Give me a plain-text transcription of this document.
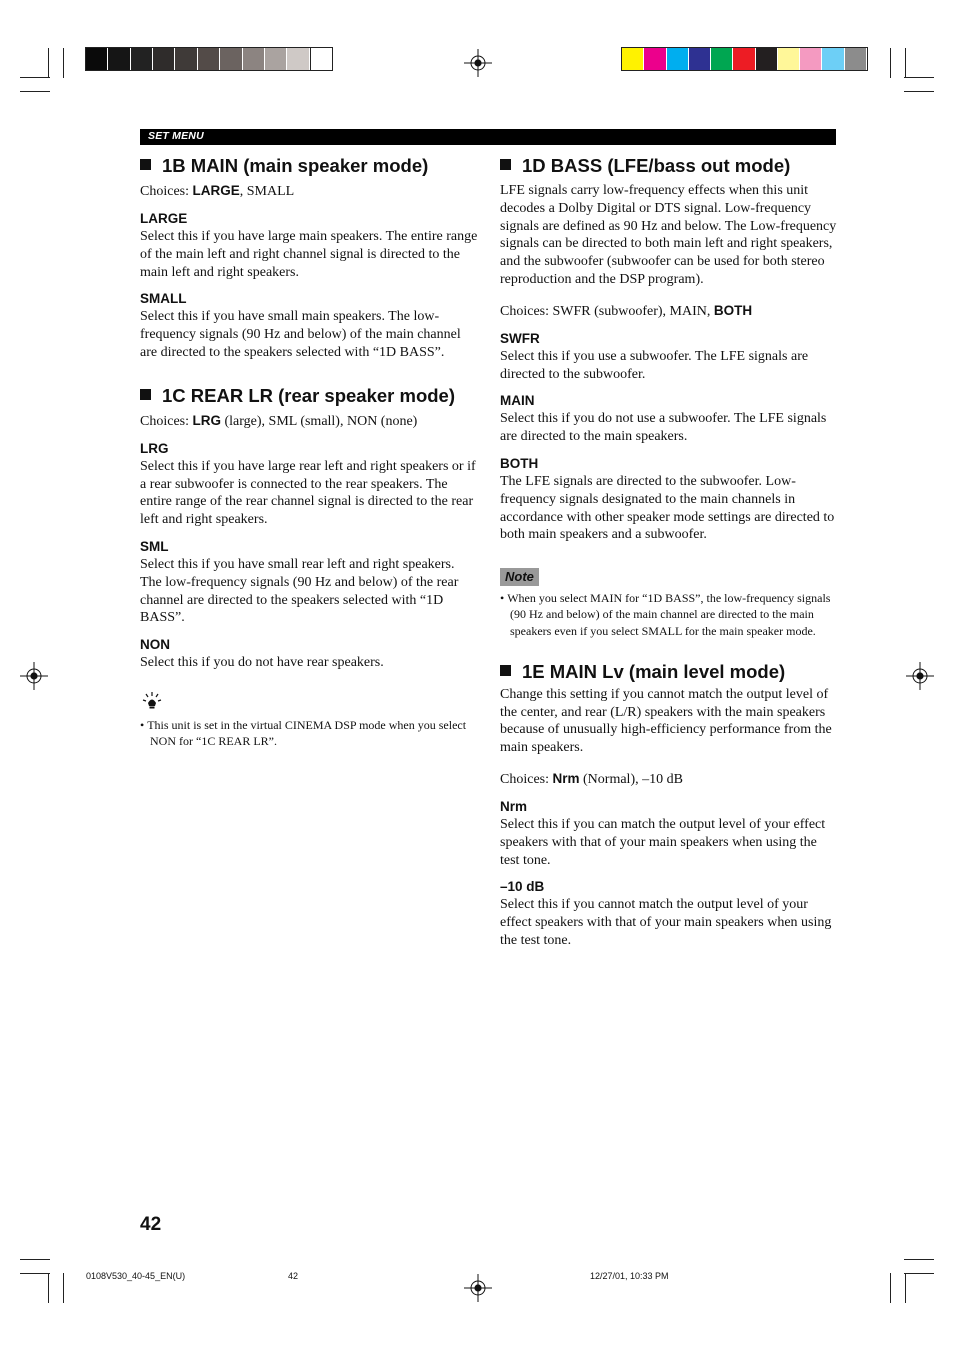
SET MENU
1B MAIN (main speaker mode)
Choices: LARGE, SMALL
LARGE
Select this if you have large main speakers. The entire range of the main left and right channel signal is directed to the main left and right speakers.
SMALL
Select this if you have small main speakers. The low-frequency signals (90 Hz and below) of the main channel are directed to the speakers selected with “1D BASS”.
1C REAR LR (rear speaker mode)
Choices: LRG (large), SML (small), NON (none)
LRG
Select this if you have large rear left and right speakers or if a rear subwoofer is connected to the rear speakers. The entire range of the rear channel signal is directed to the rear left and right speakers.
SML
Select this if you have small rear left and right speakers. The low-frequency signals (90 Hz and below) of the rear channel are directed to the speakers selected with “1D BASS”.
NON
Select this if you do not have rear speakers.
• This unit is set in the virtual CINEMA DSP mode when you select NON for “1C REAR LR”.
1D BASS (LFE/bass out mode)
LFE signals carry low-frequency effects when this unit decodes a Dolby Digital or DTS signal. Low-frequency signals are defined as 90 Hz and below. The Low-frequency signals can be directed to both main left and right speakers, and the subwoofer (subwoofer can be used for both stereo reproduction and the DSP program).
Choices: SWFR (subwoofer), MAIN, BOTH
SWFR
Select this if you use a subwoofer. The LFE signals are directed to the subwoofer.
MAIN
Select this if you do not use a subwoofer. The LFE signals are directed to the main speakers.
BOTH
The LFE signals are directed to the subwoofer. Low-frequency signals designated to the main channels in accordance with other speaker mode settings are directed to both main speakers and a subwoofer.
Note
• When you select MAIN for “1D BASS”, the low-frequency signals (90 Hz and below) of the main channel are directed to the main speakers even if you select SMALL for the main speaker mode.
1E MAIN Lv (main level mode)
Change this setting if you cannot match the output level of the center, and rear (L/R) speakers with the main speakers because of unusually high-efficiency performance from the main speakers.
Choices: Nrm (Normal), –10 dB
Nrm
Select this if you can match the output level of your effect speakers with that of your main speakers when using the test tone.
–10 dB
Select this if you cannot match the output level of your effect speakers with that of your main speakers when using the test tone.
42
0108V530_40-45_EN(U)	42	12/27/01, 10:33 PM
